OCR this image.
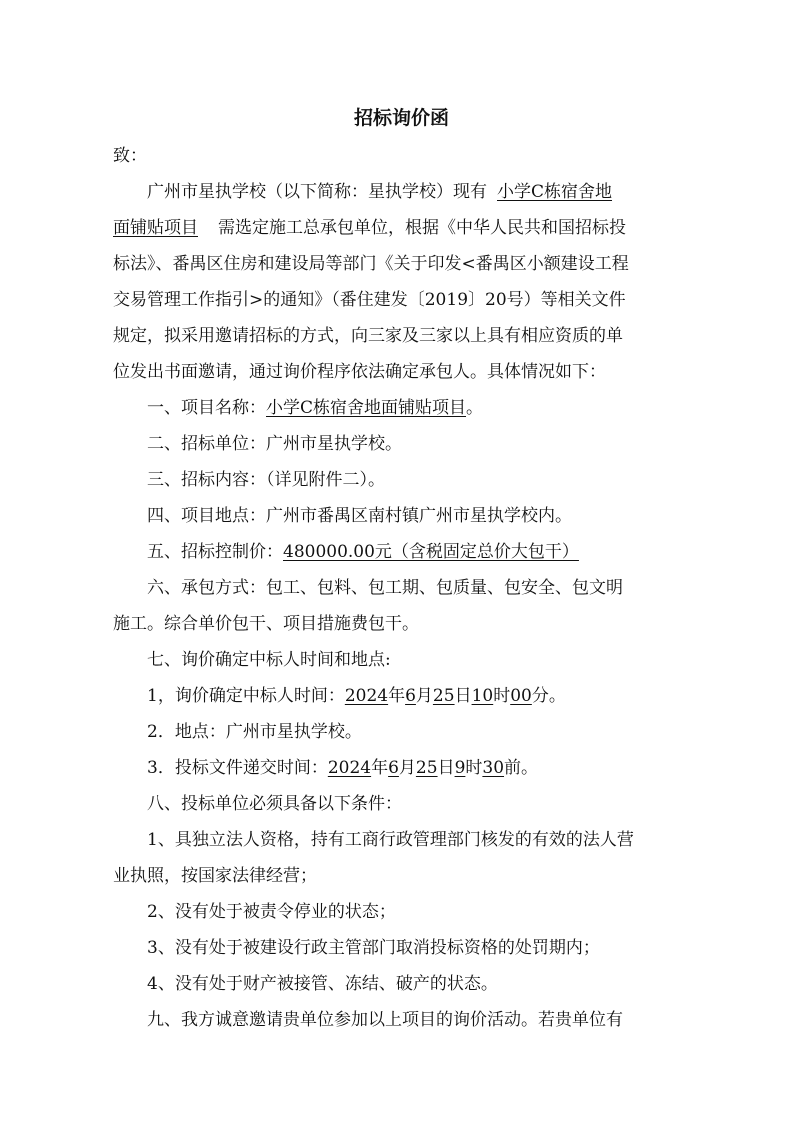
招标询价函

致：

广州市星执学校（以下简称：星执学校）现有 小学C栋宿舍地

面铺贴项目 需选定施工总承包单位，根据《中华人民共和国招标投

标法》、番禺区住房和建设局等部门《关于印发<番禺区小额建设工程

交易管理工作指引>的通知》（番住建发〔2019〕20号）等相关文件

规定，拟采用邀请招标的方式，向三家及三家以上具有相应资质的单

位发出书面邀请，通过询价程序依法确定承包人。具体情况如下：

一、项目名称：小学C栋宿舍地面铺贴项目。

二、招标单位：广州市星执学校。

三、招标内容：（详见附件二）。

四、项目地点：广州市番禺区南村镇广州市星执学校内。

五、招标控制价：480000.00元（含税固定总价大包干）

六、承包方式：包工、包料、包工期、包质量、包安全、包文明

施工。综合单价包干、项目措施费包干。

七、询价确定中标人时间和地点:

1，询价确定中标人时间：2024年6月25日10时00分。

2．地点：广州市星执学校。

3．投标文件递交时间：2024年6月25日9时30前。

八、投标单位必须具备以下条件：

1、具独立法人资格，持有工商行政管理部门核发的有效的法人营

业执照，按国家法律经营；

2、没有处于被责令停业的状态；

3、没有处于被建设行政主管部门取消投标资格的处罚期内；

4、没有处于财产被接管、冻结、破产的状态。

九、我方诚意邀请贵单位参加以上项目的询价活动。若贵单位有
